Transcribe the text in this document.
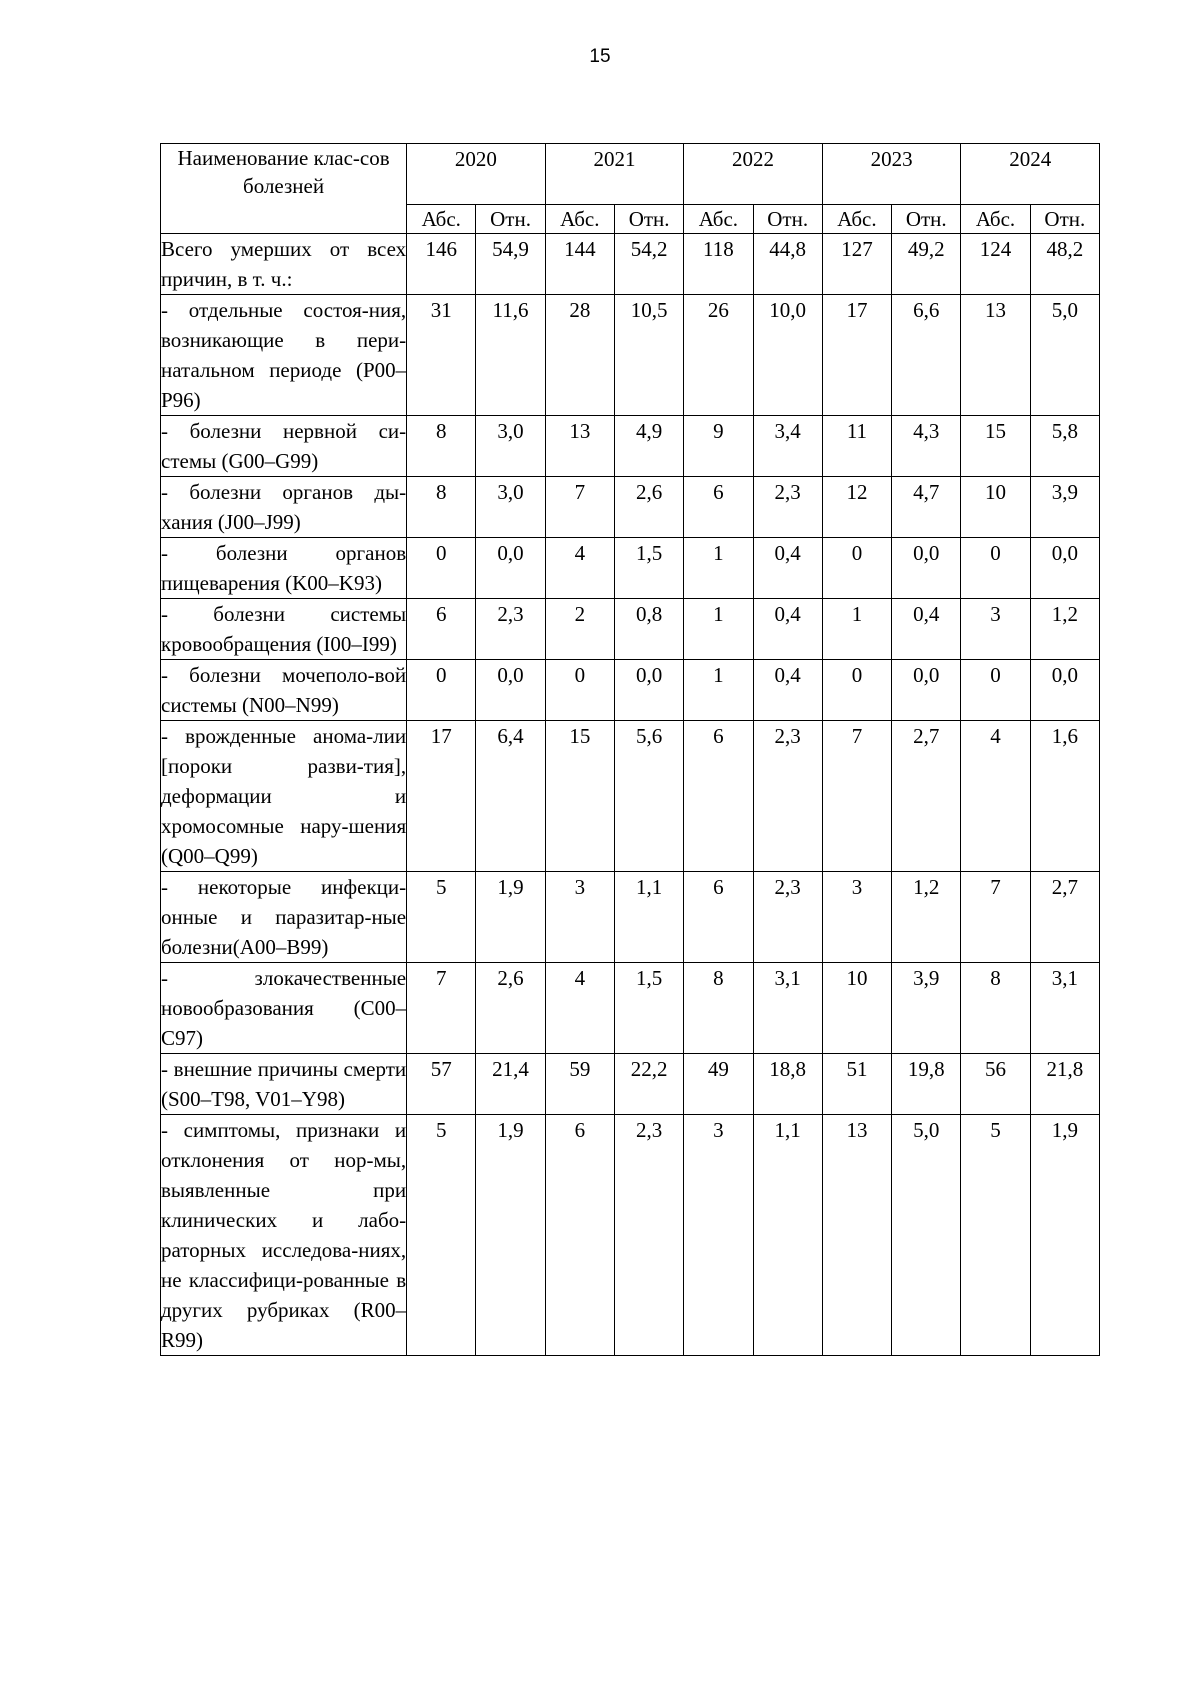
15
Наименование клас-сов болезней	2020		2021		2022		2023		2024	
	Абс.	Отн.	Абс.	Отн.	Абс.	Отн.	Абс.	Отн.	Абс.	Отн.
Всего умерших от всех причин, в т. ч.:	146	54,9	144	54,2	118	44,8	127	49,2	124	48,2
- отдельные состоя-ния, возникающие в пери-натальном периоде (P00–P96)	31	11,6	28	10,5	26	10,0	17	6,6	13	5,0
- болезни нервной си-стемы (G00–G99)	8	3,0	13	4,9	9	3,4	11	4,3	15	5,8
- болезни органов ды-хания (J00–J99)	8	3,0	7	2,6	6	2,3	12	4,7	10	3,9
- болезни органов пищеварения (K00–K93)	0	0,0	4	1,5	1	0,4	0	0,0	0	0,0
- болезни системы кровообращения (I00–I99)	6	2,3	2	0,8	1	0,4	1	0,4	3	1,2
- болезни мочеполо-вой системы (N00–N99)	0	0,0	0	0,0	1	0,4	0	0,0	0	0,0
- врожденные анома-лии [пороки разви-тия], деформации и хромосомные нару-шения (Q00–Q99)	17	6,4	15	5,6	6	2,3	7	2,7	4	1,6
- некоторые инфекци-онные и паразитар-ные болезни(A00–B99)	5	1,9	3	1,1	6	2,3	3	1,2	7	2,7
- злокачественные новообразования (C00–C97)	7	2,6	4	1,5	8	3,1	10	3,9	8	3,1
- внешние причины смерти (S00–T98, V01–Y98)	57	21,4	59	22,2	49	18,8	51	19,8	56	21,8
- симптомы, признаки и отклонения от нор-мы, выявленные при клинических и лабо-раторных исследова-ниях, не классифици-рованные в других рубриках (R00–R99)	5	1,9	6	2,3	3	1,1	13	5,0	5	1,9
